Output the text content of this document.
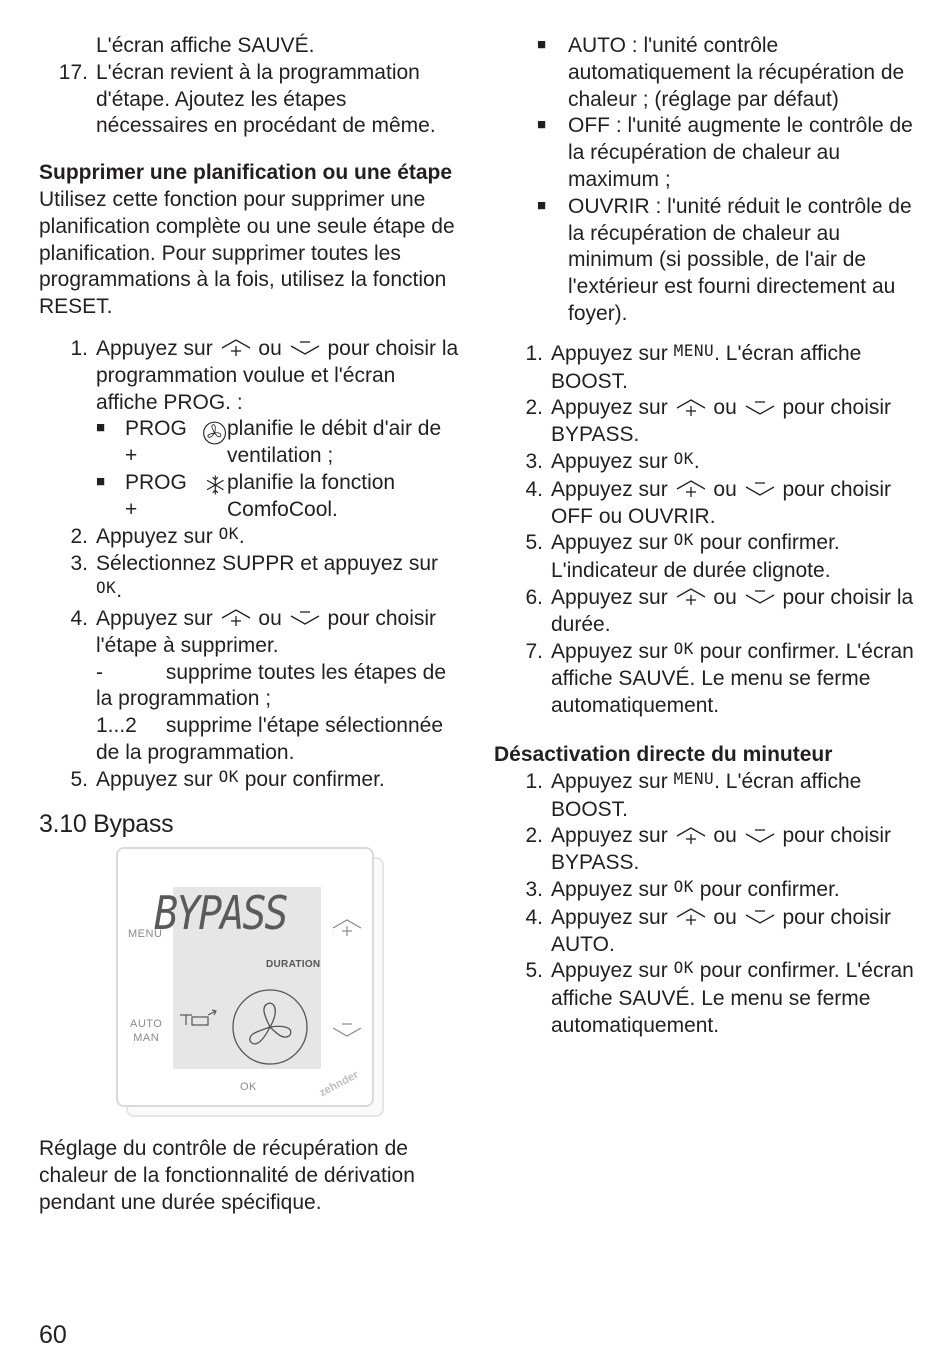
L'écran affiche SAUVÉ.
17. L'écran revient à la programmation d'étape. Ajoutez les étapes nécessaires en procédant de même.

Supprimer une planification ou une étape

Utilisez cette fonction pour supprimer une planification complète ou une seule étape de planification. Pour supprimer toutes les programmations à la fois, utilisez la fonction RESET.

1. Appuyez sur ou pour choisir la programmation voulue et l'écran affiche PROG. :
■ PROG +
planifie le débit d'air de ventilation ;
■ PROG +
planifie la fonction ComfoCool.
2. Appuyez sur OK.
3. Sélectionnez SUPPR et appuyez sur OK.
4. Appuyez sur ou pour choisir l'étape à supprimer.
-	supprime toutes les étapes de la programmation ;
1...2 supprime l'étape sélectionnée de la programmation.
5. Appuyez sur OK pour confirmer.

3.10 Bypass

MENU
AUTO
MAN
BYPASS
DURATION
OK	zehnder

Réglage du contrôle de récupération de chaleur de la fonctionnalité de dérivation pendant une durée spécifique.

■	AUTO : l'unité contrôle automatiquement la récupération de chaleur ; (réglage par défaut)
■	OFF : l'unité augmente le contrôle de la récupération de chaleur au maximum ;
■	OUVRIR : l'unité réduit le contrôle de la récupération de chaleur au minimum (si possible, de l'air de l'extérieur est fourni directement au foyer).
1. Appuyez sur MENU. L'écran affiche BOOST.
2. Appuyez sur ou pour choisir BYPASS.
3. Appuyez sur OK.
4. Appuyez sur ou pour choisir OFF ou OUVRIR.
5. Appuyez sur OK pour confirmer. L'indicateur de durée clignote.
6. Appuyez sur ou pour choisir la durée.
7. Appuyez sur OK pour confirmer. L'écran affiche SAUVÉ. Le menu se ferme automatiquement.

Désactivation directe du minuteur

1. Appuyez sur MENU. L'écran affiche BOOST.
2. Appuyez sur ou pour choisir BYPASS.
3. Appuyez sur OK pour confirmer.
4. Appuyez sur ou pour choisir AUTO.
5. Appuyez sur OK pour confirmer. L'écran affiche SAUVÉ. Le menu se ferme automatiquement.
60
